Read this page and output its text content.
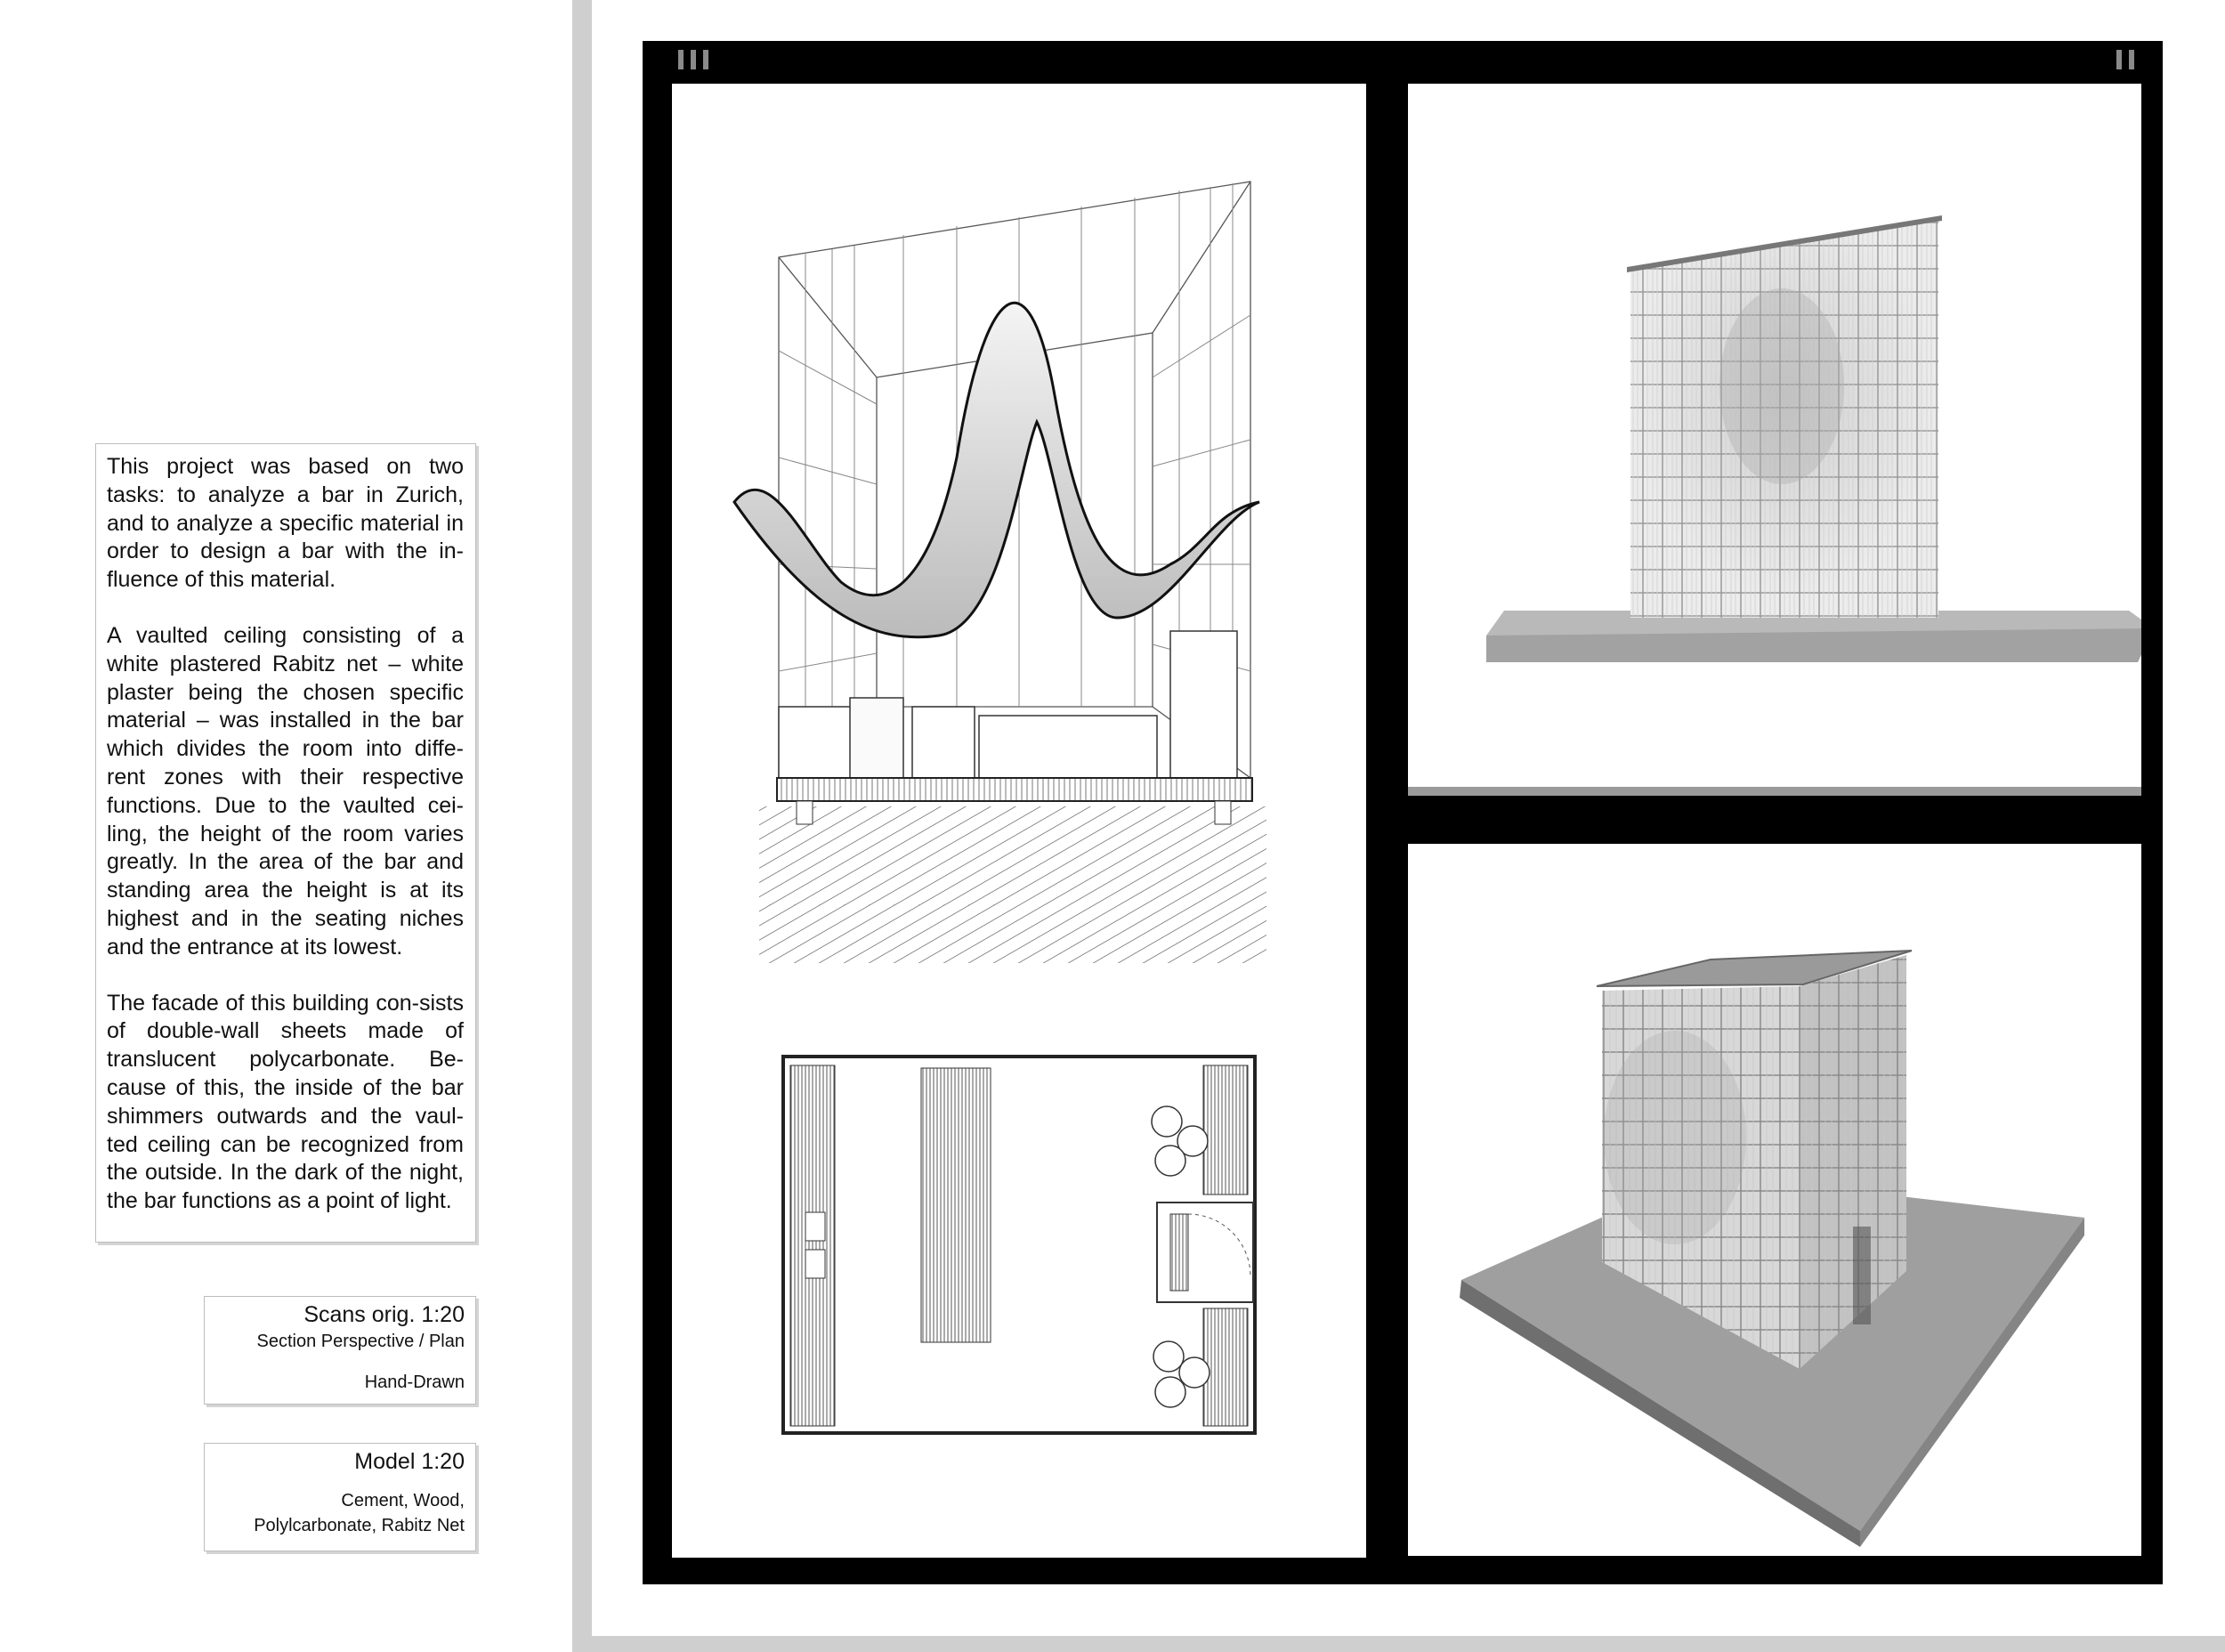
This project was based on two tasks: to analyze a bar in Zurich, and to analyze a specific material in order to design a bar with the in-fluence of this material.

A vaulted ceiling consisting of a white plastered Rabitz net – white plaster being the chosen specific material – was installed in the bar which divides the room into diffe-rent zones with their respective functions. Due to the vaulted cei-ling, the height of the room varies greatly. In the area of the bar and standing area the height is at its highest and in the seating niches and the entrance at its lowest.

The facade of this building con-sists of double-wall sheets made of translucent polycarbonate. Be-cause of this, the inside of the bar shimmers outwards and the vaul-ted ceiling can be recognized from the outside. In the dark of the night, the bar functions as a point of light.

Scans orig. 1:20
Section Perspective / Plan
Hand-Drawn
Model 1:20
Cement, Wood,
Polylcarbonate, Rabitz Net
